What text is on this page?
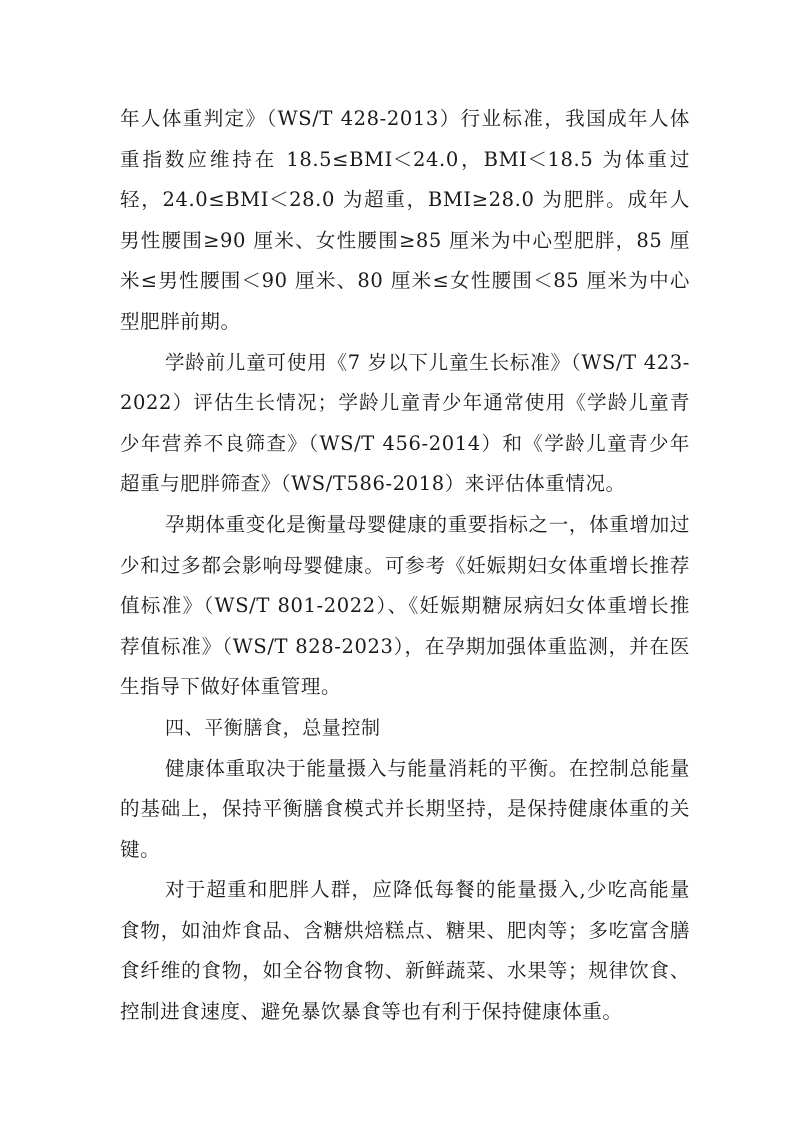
年人体重判定》（WS/T 428-2013）行业标准，我国成年人体重指数应维持在 18.5≤BMI＜24.0，BMI＜18.5 为体重过轻，24.0≤BMI＜28.0 为超重，BMI≥28.0 为肥胖。成年人男性腰围≥90 厘米、女性腰围≥85 厘米为中心型肥胖，85 厘米≤男性腰围＜90 厘米、80 厘米≤女性腰围＜85 厘米为中心型肥胖前期。

学龄前儿童可使用《7 岁以下儿童生长标准》（WS/T 423-2022）评估生长情况；学龄儿童青少年通常使用《学龄儿童青少年营养不良筛查》（WS/T 456-2014）和《学龄儿童青少年超重与肥胖筛查》（WS/T586-2018）来评估体重情况。

孕期体重变化是衡量母婴健康的重要指标之一，体重增加过少和过多都会影响母婴健康。可参考《妊娠期妇女体重增长推荐值标准》（WS/T 801-2022）、《妊娠期糖尿病妇女体重增长推荐值标准》（WS/T 828-2023），在孕期加强体重监测，并在医生指导下做好体重管理。

四、平衡膳食，总量控制

健康体重取决于能量摄入与能量消耗的平衡。在控制总能量的基础上，保持平衡膳食模式并长期坚持，是保持健康体重的关键。

对于超重和肥胖人群，应降低每餐的能量摄入,少吃高能量食物，如油炸食品、含糖烘焙糕点、糖果、肥肉等；多吃富含膳食纤维的食物，如全谷物食物、新鲜蔬菜、水果等；规律饮食、控制进食速度、避免暴饮暴食等也有利于保持健康体重。
